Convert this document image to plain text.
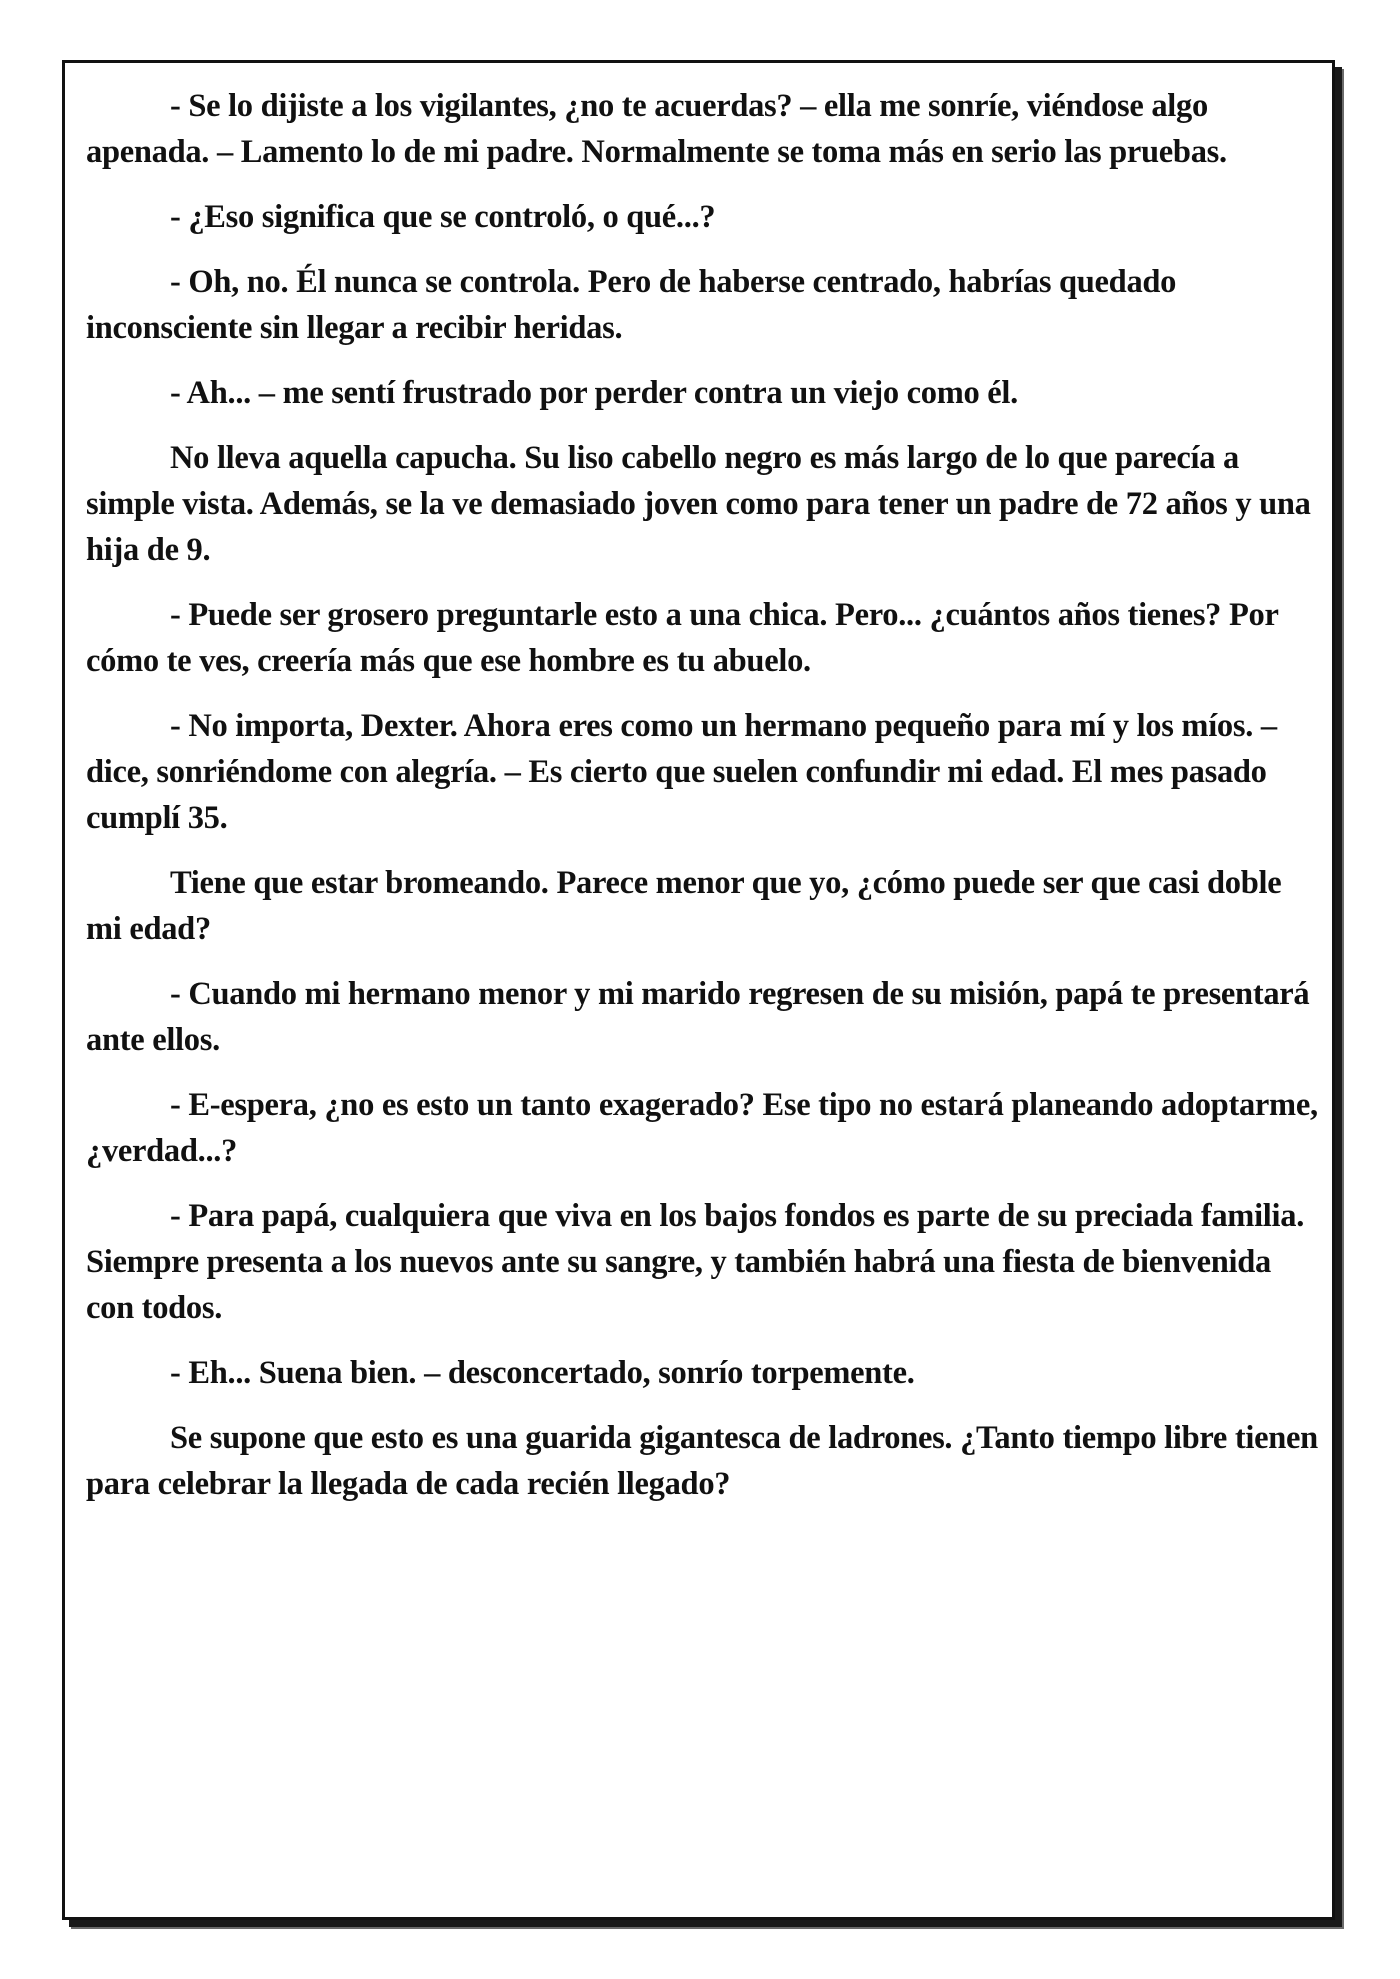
- Se lo dijiste a los vigilantes, ¿no te acuerdas? – ella me sonríe, viéndose algo apenada. – Lamento lo de mi padre. Normalmente se toma más en serio las pruebas.

- ¿Eso significa que se controló, o qué...?

- Oh, no. Él nunca se controla. Pero de haberse centrado, habrías quedado inconsciente sin llegar a recibir heridas.

- Ah... – me sentí frustrado por perder contra un viejo como él.

No lleva aquella capucha. Su liso cabello negro es más largo de lo que parecía a simple vista. Además, se la ve demasiado joven como para tener un padre de 72 años y una hija de 9.

- Puede ser grosero preguntarle esto a una chica. Pero... ¿cuántos años tienes? Por cómo te ves, creería más que ese hombre es tu abuelo.

- No importa, Dexter. Ahora eres como un hermano pequeño para mí y los míos. – dice, sonriéndome con alegría. – Es cierto que suelen confundir mi edad. El mes pasado cumplí 35.

Tiene que estar bromeando. Parece menor que yo, ¿cómo puede ser que casi doble mi edad?

- Cuando mi hermano menor y mi marido regresen de su misión, papá te presentará ante ellos.

- E-espera, ¿no es esto un tanto exagerado? Ese tipo no estará planeando adoptarme, ¿verdad...?

- Para papá, cualquiera que viva en los bajos fondos es parte de su preciada familia. Siempre presenta a los nuevos ante su sangre, y también habrá una fiesta de bienvenida con todos.

- Eh... Suena bien. – desconcertado, sonrío torpemente.

Se supone que esto es una guarida gigantesca de ladrones. ¿Tanto tiempo libre tienen para celebrar la llegada de cada recién llegado?
